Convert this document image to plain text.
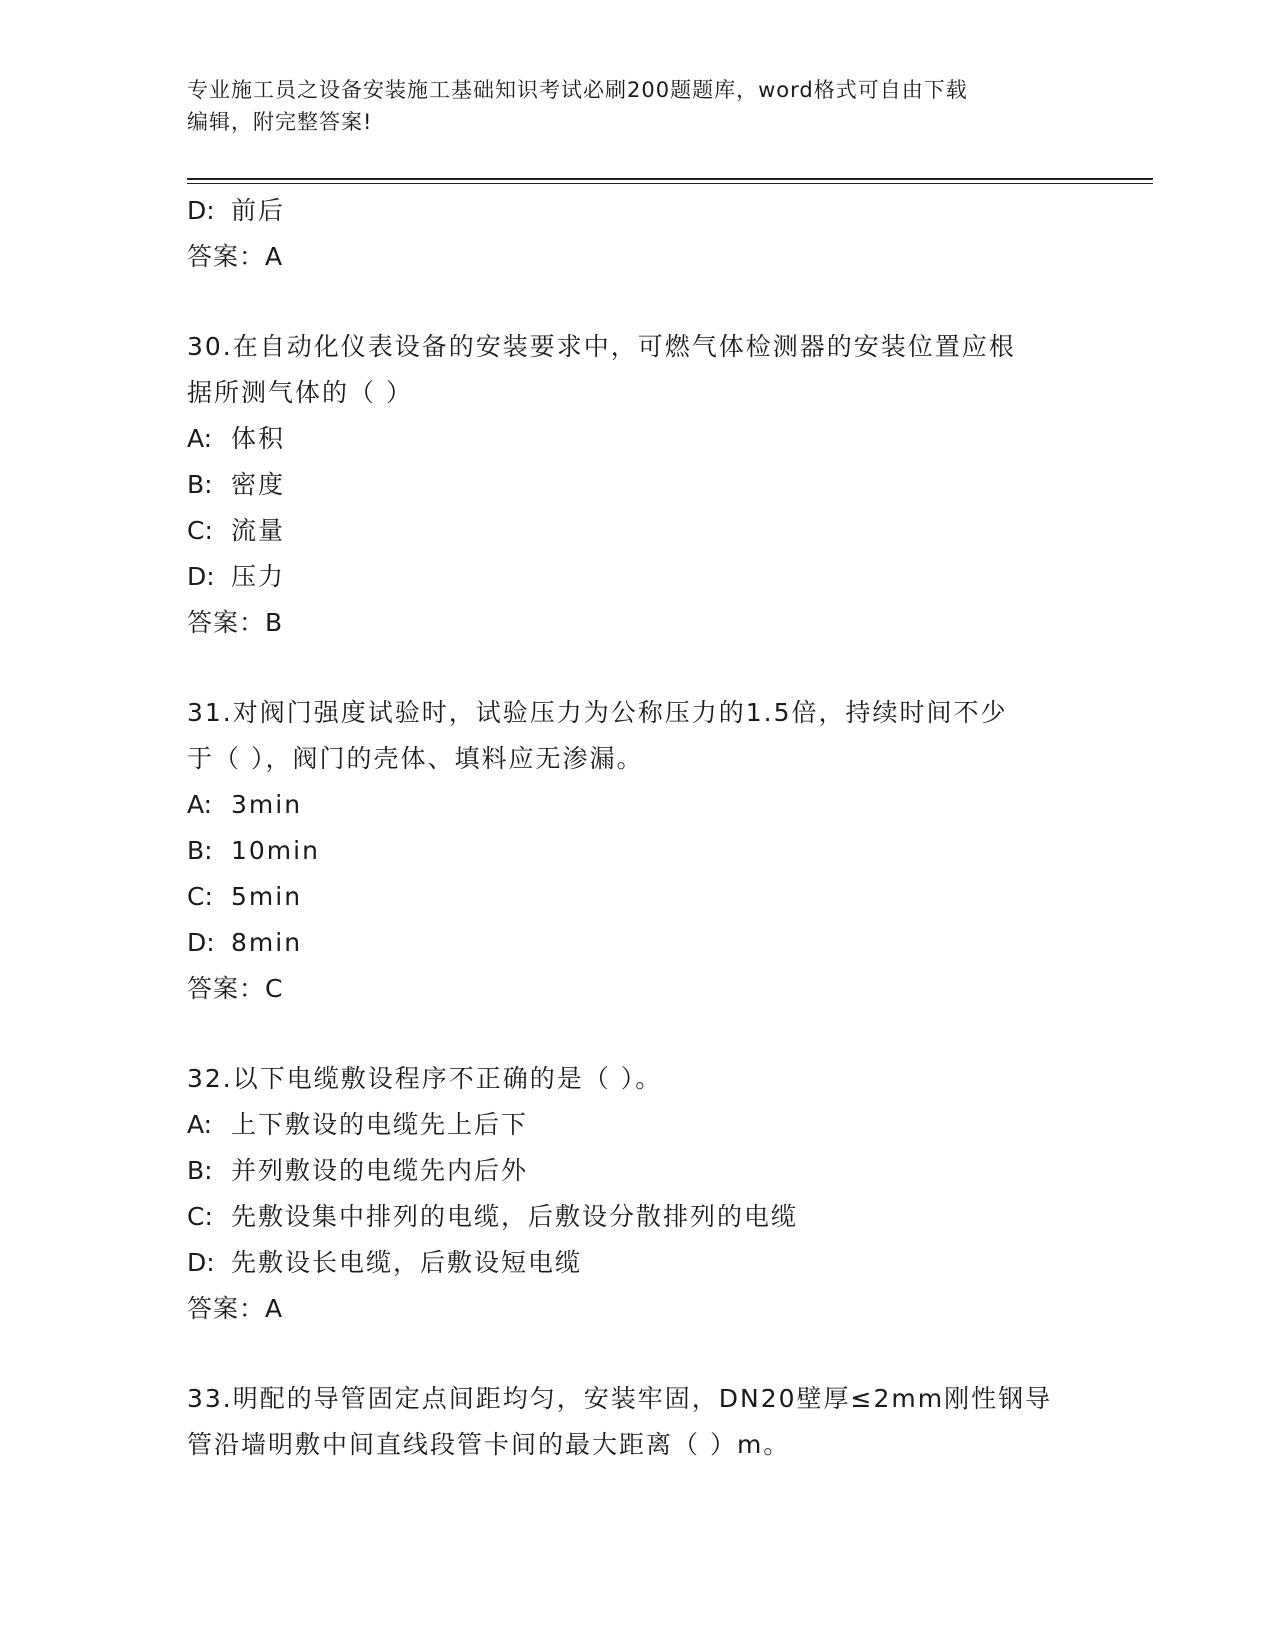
专业施工员之设备安装施工基础知识考试必刷200题题库，word格式可自由下载
编辑，附完整答案!
D: 前后
答案：A
30.在自动化仪表设备的安装要求中，可燃气体检测器的安装位置应根
据所测气体的（ ）
A: 体积
B: 密度
C: 流量
D: 压力
答案：B
31.对阀门强度试验时，试验压力为公称压力的1.5倍，持续时间不少
于（ ），阀门的壳体、填料应无渗漏。
A: 3min
B: 10min
C: 5min
D: 8min
答案：C
32.以下电缆敷设程序不正确的是（ ）。
A: 上下敷设的电缆先上后下
B: 并列敷设的电缆先内后外
C: 先敷设集中排列的电缆，后敷设分散排列的电缆
D: 先敷设长电缆，后敷设短电缆
答案：A
33.明配的导管固定点间距均匀，安装牢固，DN20壁厚≤2mm刚性钢导
管沿墙明敷中间直线段管卡间的最大距离（ ）m。
